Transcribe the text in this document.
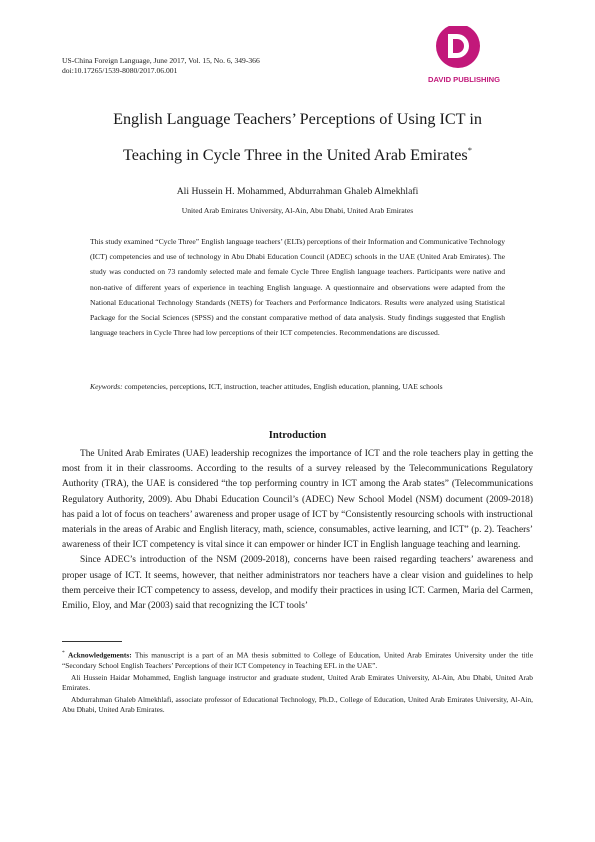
US-China Foreign Language, June 2017, Vol. 15, No. 6, 349-366
doi:10.17265/1539-8080/2017.06.001
DAVID PUBLISHING
English Language Teachers’ Perceptions of Using ICT in
Teaching in Cycle Three in the United Arab Emirates*
Ali Hussein H. Mohammed, Abdurrahman Ghaleb Almekhlafi
United Arab Emirates University, Al-Ain, Abu Dhabi, United Arab Emirates

This study examined “Cycle Three” English language teachers’ (ELTs) perceptions of their Information and Communicative Technology (ICT) competencies and use of technology in Abu Dhabi Education Council (ADEC) schools in the UAE (United Arab Emirates). The study was conducted on 73 randomly selected male and female Cycle Three English language teachers. Participants were native and non-native of different years of experience in teaching English language. A questionnaire and observations were adapted from the National Educational Technology Standards (NETS) for Teachers and Performance Indicators. Results were analyzed using Statistical Package for the Social Sciences (SPSS) and the constant comparative method of data analysis. Study findings suggested that English language teachers in Cycle Three had low perceptions of their ICT competencies. Recommendations are discussed.

Keywords: competencies, perceptions, ICT, instruction, teacher attitudes, English education, planning, UAE schools

Introduction

The United Arab Emirates (UAE) leadership recognizes the importance of ICT and the role teachers play in getting the most from it in their classrooms. According to the results of a survey released by the Telecommunications Regulatory Authority (TRA), the UAE is considered “the top performing country in ICT among the Arab states” (Telecommunications Regulatory Authority, 2009). Abu Dhabi Education Council’s (ADEC) New School Model (NSM) document (2009-2018) has paid a lot of focus on teachers’ awareness and proper usage of ICT by “Consistently resourcing schools with instructional materials in the areas of Arabic and English literacy, math, science, consumables, active learning, and ICT” (p. 2). Teachers’ awareness of their ICT competency is vital since it can empower or hinder ICT in English language teaching and learning.

Since ADEC’s introduction of the NSM (2009-2018), concerns have been raised regarding teachers’ awareness and proper usage of ICT. It seems, however, that neither administrators nor teachers have a clear vision and guidelines to help them perceive their ICT competency to assess, develop, and modify their practices in using ICT. Carmen, Maria del Carmen, Emilio, Eloy, and Mar (2003) said that recognizing the ICT tools’

* Acknowledgements: This manuscript is a part of an MA thesis submitted to College of Education, United Arab Emirates University under the title “Secondary School English Teachers’ Perceptions of their ICT Competency in Teaching EFL in the UAE”.

Ali Hussein Haidar Mohammed, English language instructor and graduate student, United Arab Emirates University, Al-Ain, Abu Dhabi, United Arab Emirates.

Abdurrahman Ghaleb Almekhlafi, associate professor of Educational Technology, Ph.D., College of Education, United Arab Emirates University, Al-Ain, Abu Dhabi, United Arab Emirates.
